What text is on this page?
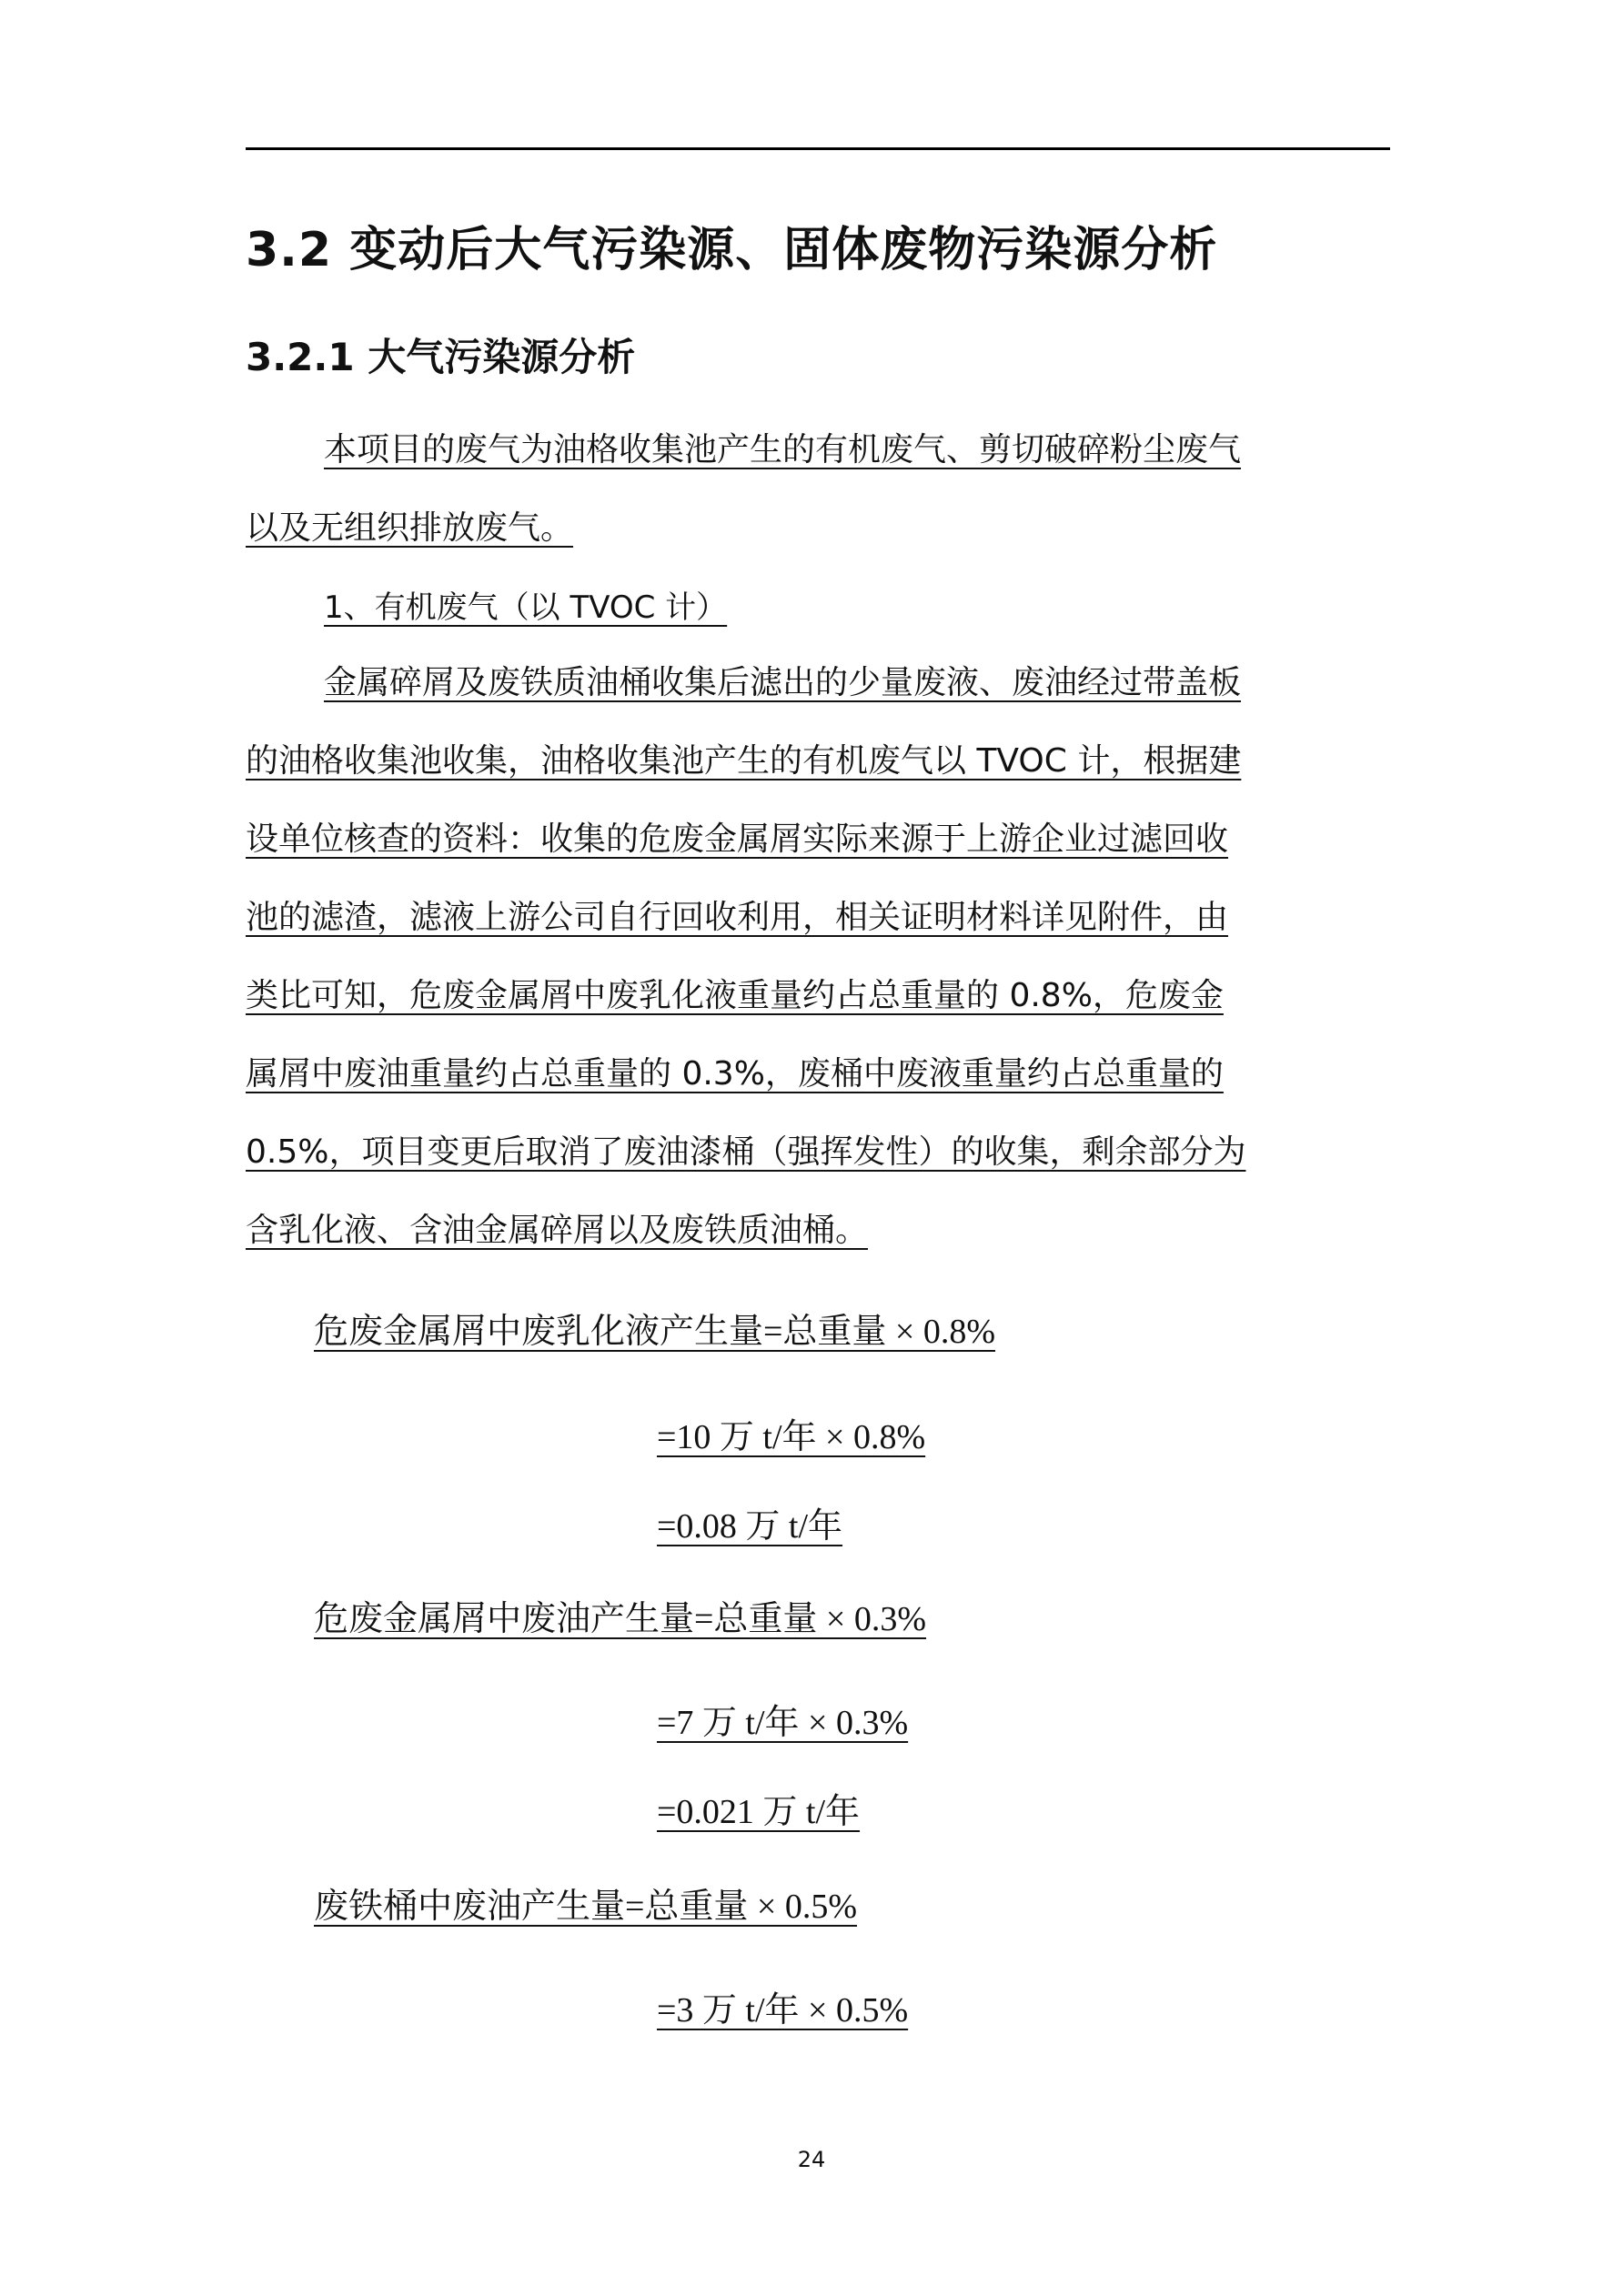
3.2 变动后大气污染源、固体废物污染源分析
3.2.1 大气污染源分析
本项目的废气为油格收集池产生的有机废气、剪切破碎粉尘废气
以及无组织排放废气。
1、有机废气（以 TVOC 计）
金属碎屑及废铁质油桶收集后滤出的少量废液、废油经过带盖板
的油格收集池收集，油格收集池产生的有机废气以 TVOC 计，根据建
设单位核查的资料：收集的危废金属屑实际来源于上游企业过滤回收
池的滤渣，滤液上游公司自行回收利用，相关证明材料详见附件，由
类比可知，危废金属屑中废乳化液重量约占总重量的 0.8%，危废金
属屑中废油重量约占总重量的 0.3%，废桶中废液重量约占总重量的
0.5%，项目变更后取消了废油漆桶（强挥发性）的收集，剩余部分为
含乳化液、含油金属碎屑以及废铁质油桶。
危废金属屑中废乳化液产生量=总重量 × 0.8%
=10 万 t/年 × 0.8%
=0.08 万 t/年
危废金属屑中废油产生量=总重量 × 0.3%
=7 万 t/年 × 0.3%
=0.021 万 t/年
废铁桶中废油产生量=总重量 × 0.5%
=3 万 t/年 × 0.5%
24
